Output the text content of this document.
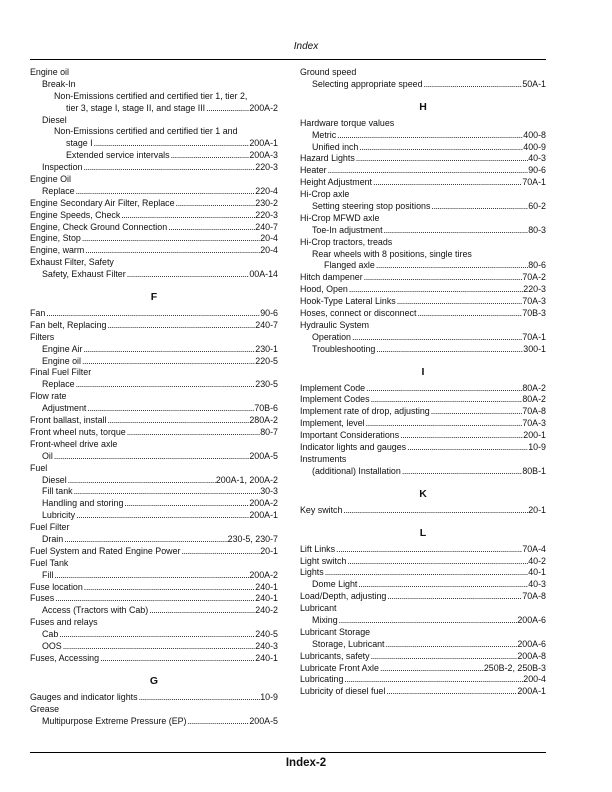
Index
Engine oil
Break-In
Non-Emissions certified and certified tier 1, tier 2,
tier 3, stage I, stage II, and stage III . . .	200A-2
Diesel
Non-Emissions certified and certified tier 1 and
stage I . . .	200A-1
Extended service intervals . . .	200A-3
Inspection . . .	220-3
Engine Oil
Replace . . .	220-4
Engine Secondary Air Filter, Replace . . .	230-2
Engine Speeds, Check . . .	220-3
Engine, Check Ground Connection . . .	240-7
Engine, Stop . . .	20-4
Engine, warm . . .	20-4
Exhaust Filter, Safety
Safety, Exhaust Filter . . .	00A-14
F
Fan . . .	90-6
Fan belt, Replacing . . .	240-7
Filters
Engine Air . . .	230-1
Engine oil . . .	220-5
Final Fuel Filter
Replace . . .	230-5
Flow rate
Adjustment . . .	70B-6
Front ballast, install . . .	280A-2
Front wheel nuts, torque . . .	80-7
Front-wheel drive axle
Oil . . .	200A-5
Fuel
Diesel . . .	200A-1, 200A-2
Fill tank . . .	30-3
Handling and storing . . .	200A-2
Lubricity . . .	200A-1
Fuel Filter
Drain . . .	230-5, 230-7
Fuel System and Rated Engine Power . . .	20-1
Fuel Tank
Fill . . .	200A-2
Fuse location . . .	240-1
Fuses . . .	240-1
Access (Tractors with Cab) . . .	240-2
Fuses and relays
Cab . . .	240-5
OOS . . .	240-3
Fuses, Accessing . . .	240-1
G
Gauges and indicator lights . . .	10-9
Grease
Multipurpose Extreme Pressure (EP) . . .	200A-5
Ground speed
Selecting appropriate speed . . .	50A-1
H
Hardware torque values
Metric . . .	400-8
Unified inch . . .	400-9
Hazard Lights . . .	40-3
Heater . . .	90-6
Height Adjustment . . .	70A-1
Hi-Crop axle
Setting steering stop positions . . .	60-2
Hi-Crop MFWD axle
Toe-In adjustment . . .	80-3
Hi-Crop tractors, treads
Rear wheels with 8 positions, single tires
Flanged axle . . .	80-6
Hitch dampener . . .	70A-2
Hood, Open . . .	220-3
Hook-Type Lateral Links . . .	70A-3
Hoses, connect or disconnect . . .	70B-3
Hydraulic System
Operation . . .	70A-1
Troubleshooting . . .	300-1
I
Implement Code . . .	80A-2
Implement Codes . . .	80A-2
Implement rate of drop, adjusting . . .	70A-8
Implement, level . . .	70A-3
Important Considerations . . .	200-1
Indicator lights and gauges . . .	10-9
Instruments
(additional) Installation . . .	80B-1
K
Key switch . . .	20-1
L
Lift Links . . .	70A-4
Light switch . . .	40-2
Lights . . .	40-1
Dome Light . . .	40-3
Load/Depth, adjusting . . .	70A-8
Lubricant
Mixing . . .	200A-6
Lubricant Storage
Storage, Lubricant . . .	200A-6
Lubricants, safety . . .	200A-8
Lubricate Front Axle . . .	250B-2, 250B-3
Lubricating . . .	200-4
Lubricity of diesel fuel . . .	200A-1
Index-2
